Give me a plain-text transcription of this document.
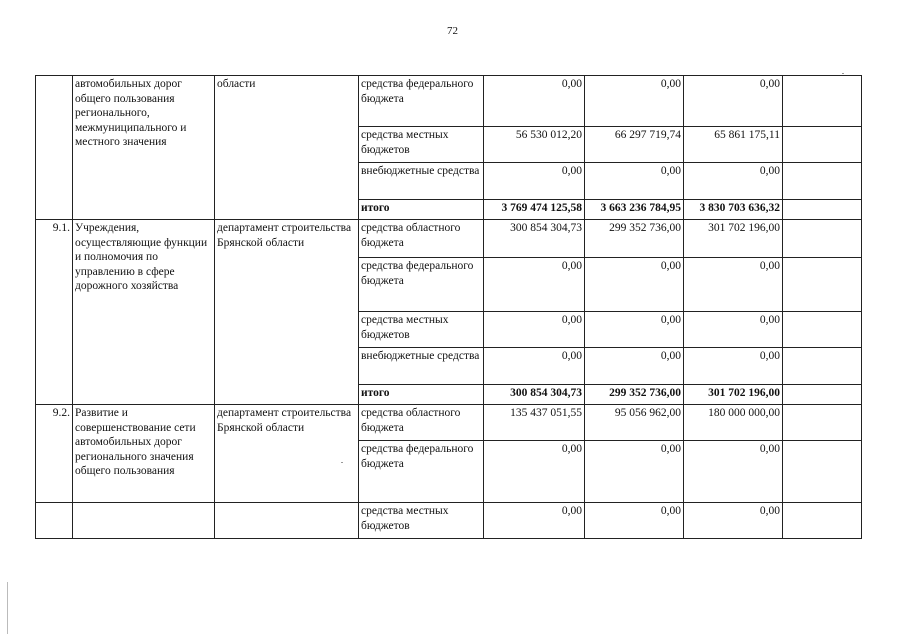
72
	автомобильных дорог общего пользования регионального, межмуниципального и местного значения	области	средства федерального бюджета	0,00	0,00	0,00	
			средства местных бюджетов	56 530 012,20	66 297 719,74	65 861 175,11	
			внебюджетные средства	0,00	0,00	0,00	
			итого	3 769 474 125,58	3 663 236 784,95	3 830 703 636,32	
9.1.	Учреждения, осуществляющие функции и полномочия по управлению в сфере дорожного хозяйства	департамент строительства Брянской области	средства областного бюджета	300 854 304,73	299 352 736,00	301 702 196,00	
			средства федерального бюджета	0,00	0,00	0,00	
			средства местных бюджетов	0,00	0,00	0,00	
			внебюджетные средства	0,00	0,00	0,00	
			итого	300 854 304,73	299 352 736,00	301 702 196,00	
9.2.	Развитие и совершенствование сети автомобильных дорог регионального значения общего пользования	департамент строительства Брянской области	средства областного бюджета	135 437 051,55	95 056 962,00	180 000 000,00	
			средства федерального бюджета	0,00	0,00	0,00	
			средства местных бюджетов	0,00	0,00	0,00	
